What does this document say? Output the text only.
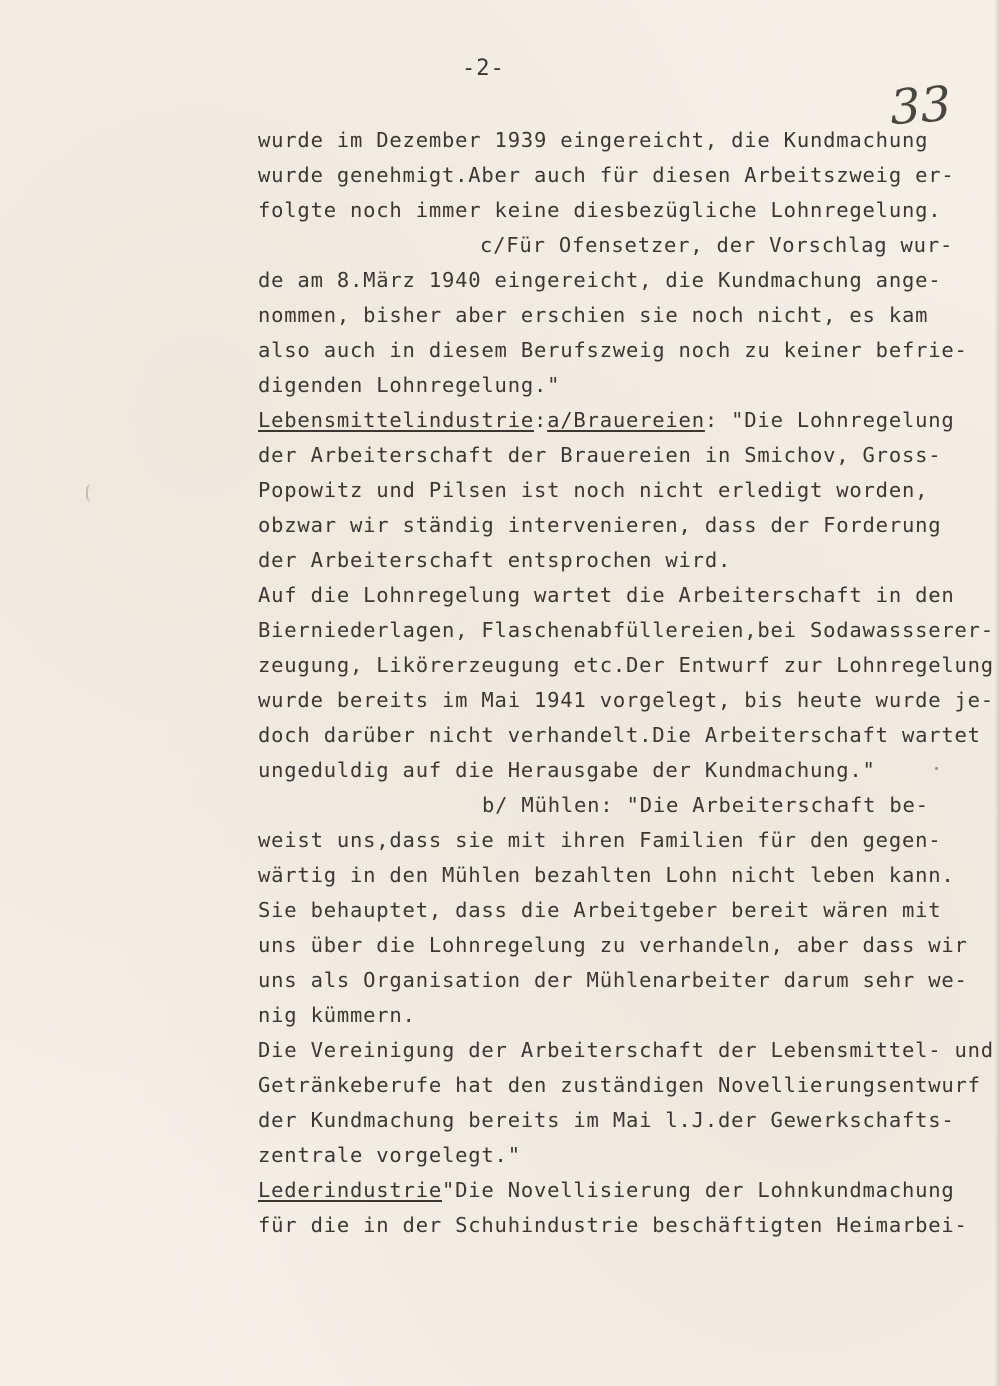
-2-
33
wurde im Dezember 1939 eingereicht, die Kundmachung
wurde genehmigt.Aber auch für diesen Arbeitszweig er-
folgte noch immer keine diesbezügliche Lohnregelung.
c/Für Ofensetzer, der Vorschlag wur-
de am 8.März 1940 eingereicht, die Kundmachung ange-
nommen, bisher aber erschien sie noch nicht, es kam
also auch in diesem Berufszweig noch zu keiner befrie-
digenden Lohnregelung."
Lebensmittelindustrie:a/Brauereien: "Die Lohnregelung
der Arbeiterschaft der Brauereien in Smichov, Gross-
Popowitz und Pilsen ist noch nicht erledigt worden,
obzwar wir ständig intervenieren, dass der Forderung
der Arbeiterschaft entsprochen wird.
Auf die Lohnregelung wartet die Arbeiterschaft in den
Bierniederlagen, Flaschenabfüllereien,bei Sodawassserer-
zeugung, Likörerzeugung etc.Der Entwurf zur Lohnregelung
wurde bereits im Mai 1941 vorgelegt, bis heute wurde je-
doch darüber nicht verhandelt.Die Arbeiterschaft wartet
ungeduldig auf die Herausgabe der Kundmachung."
b/ Mühlen: "Die Arbeiterschaft be-
weist uns,dass sie mit ihren Familien für den gegen-
wärtig in den Mühlen bezahlten Lohn nicht leben kann.
Sie behauptet, dass die Arbeitgeber bereit wären mit
uns über die Lohnregelung zu verhandeln, aber dass wir
uns als Organisation der Mühlenarbeiter darum sehr we-
nig kümmern.
Die Vereinigung der Arbeiterschaft der Lebensmittel- und
Getränkeberufe hat den zuständigen Novellierungsentwurf
der Kundmachung bereits im Mai l.J.der Gewerkschafts-
zentrale vorgelegt."
Lederindustrie"Die Novellisierung der Lohnkundmachung
für die in der Schuhindustrie beschäftigten Heimarbei-
